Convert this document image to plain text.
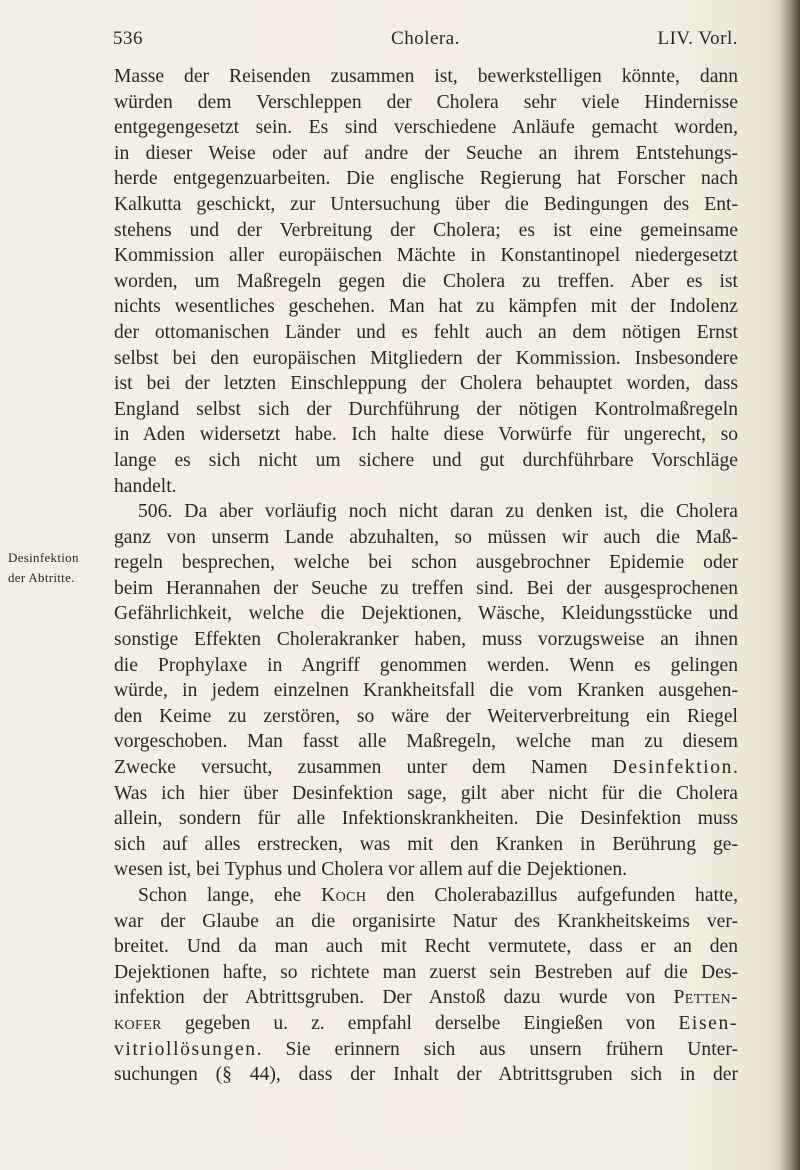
536	Cholera.	LIV. Vorl.
Desinfektion
der Abtritte.
Masse der Reisenden zusammen ist, bewerkstelligen könnte, dann
würden dem Verschleppen der Cholera sehr viele Hindernisse
entgegengesetzt sein. Es sind verschiedene Anläufe gemacht worden,
in dieser Weise oder auf andre der Seuche an ihrem Entstehungs-
herde entgegenzuarbeiten. Die englische Regierung hat Forscher nach
Kalkutta geschickt, zur Untersuchung über die Bedingungen des Ent-
stehens und der Verbreitung der Cholera; es ist eine gemeinsame
Kommission aller europäischen Mächte in Konstantinopel niedergesetzt
worden, um Maßregeln gegen die Cholera zu treffen. Aber es ist
nichts wesentliches geschehen. Man hat zu kämpfen mit der Indolenz
der ottomanischen Länder und es fehlt auch an dem nötigen Ernst
selbst bei den europäischen Mitgliedern der Kommission. Insbesondere
ist bei der letzten Einschleppung der Cholera behauptet worden, dass
England selbst sich der Durchführung der nötigen Kontrolmaßregeln
in Aden widersetzt habe. Ich halte diese Vorwürfe für ungerecht, so
lange es sich nicht um sichere und gut durchführbare Vorschläge
handelt.
506. Da aber vorläufig noch nicht daran zu denken ist, die Cholera
ganz von unserm Lande abzuhalten, so müssen wir auch die Maß-
regeln besprechen, welche bei schon ausgebrochner Epidemie oder
beim Herannahen der Seuche zu treffen sind. Bei der ausgesprochenen
Gefährlichkeit, welche die Dejektionen, Wäsche, Kleidungsstücke und
sonstige Effekten Cholerakranker haben, muss vorzugsweise an ihnen
die Prophylaxe in Angriff genommen werden. Wenn es gelingen
würde, in jedem einzelnen Krankheitsfall die vom Kranken ausgehen-
den Keime zu zerstören, so wäre der Weiterverbreitung ein Riegel
vorgeschoben. Man fasst alle Maßregeln, welche man zu diesem
Zwecke versucht, zusammen unter dem Namen Desinfektion.
Was ich hier über Desinfektion sage, gilt aber nicht für die Cholera
allein, sondern für alle Infektionskrankheiten. Die Desinfektion muss
sich auf alles erstrecken, was mit den Kranken in Berührung ge-
wesen ist, bei Typhus und Cholera vor allem auf die Dejektionen.
Schon lange, ehe Koch den Cholerabazillus aufgefunden hatte,
war der Glaube an die organisirte Natur des Krankheitskeims ver-
breitet. Und da man auch mit Recht vermutete, dass er an den
Dejektionen hafte, so richtete man zuerst sein Bestreben auf die Des-
infektion der Abtrittsgruben. Der Anstoß dazu wurde von Petten-
kofer gegeben u. z. empfahl derselbe Eingießen von Eisen-
vitriollösungen. Sie erinnern sich aus unsern frühern Unter-
suchungen (§ 44), dass der Inhalt der Abtrittsgruben sich in der
